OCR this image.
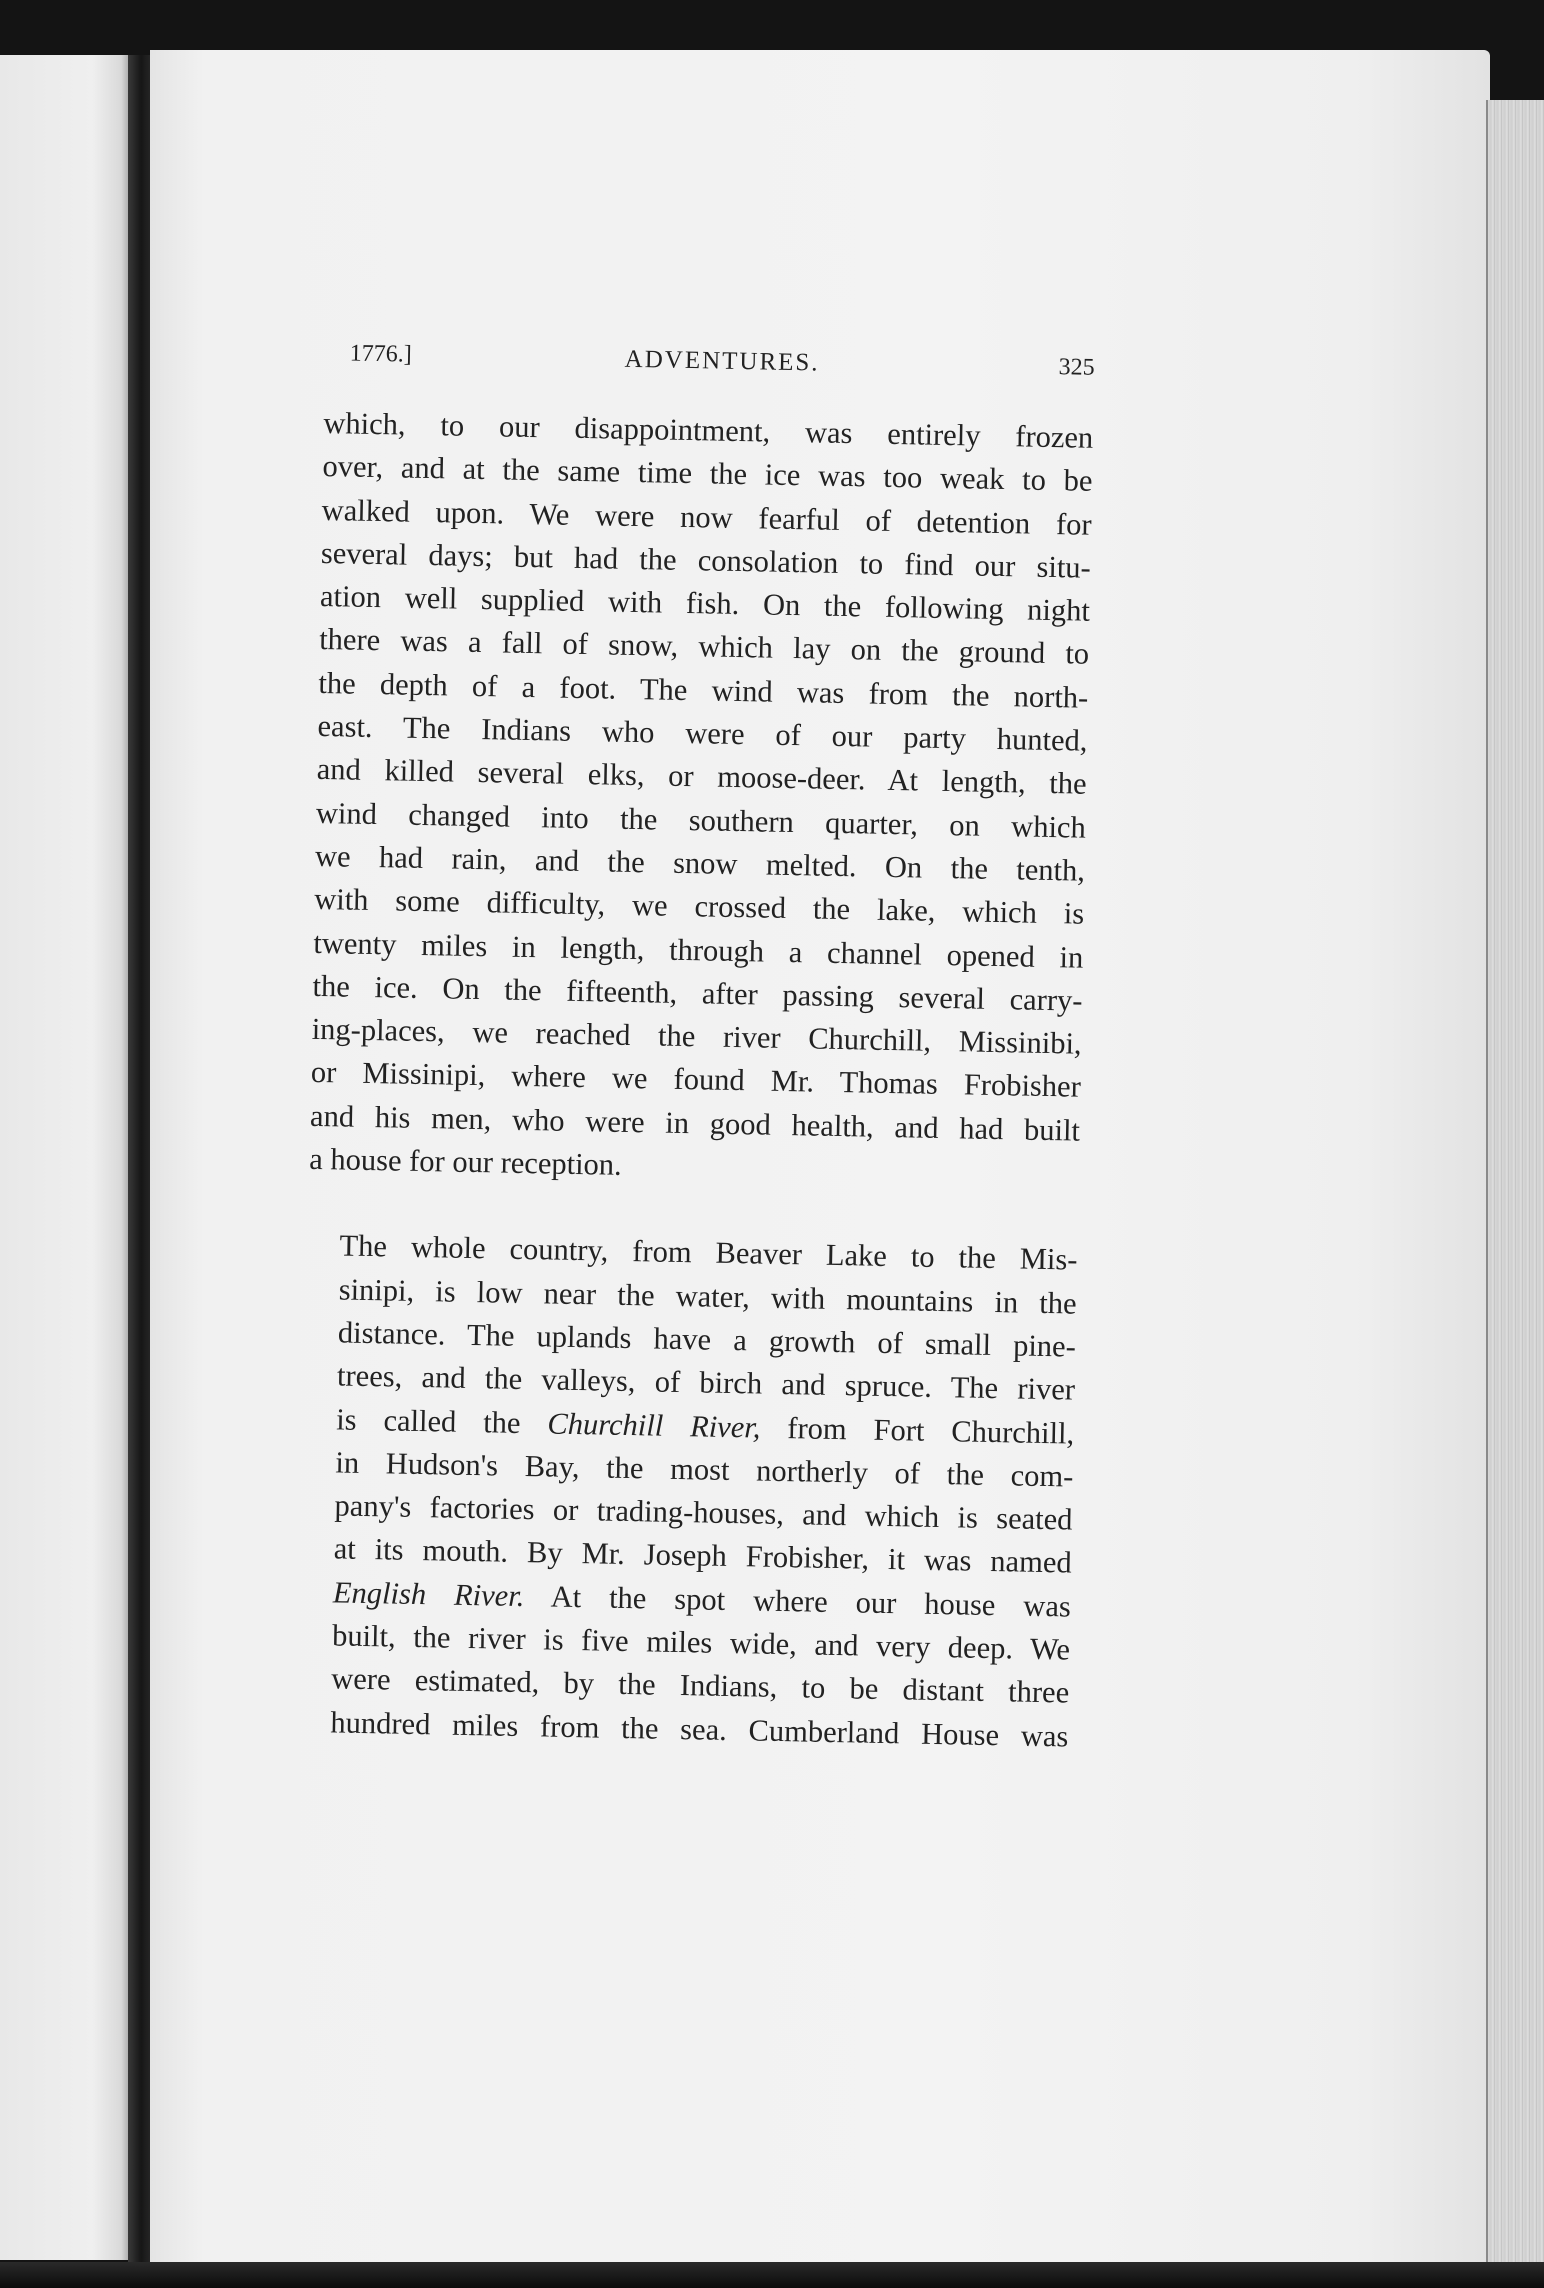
1776.]	ADVENTURES.	325

which, to our disappointment, was entirely frozen
over, and at the same time the ice was too weak to be
walked upon. We were now fearful of detention for
several days; but had the consolation to find our situ-
ation well supplied with fish. On the following night
there was a fall of snow, which lay on the ground to
the depth of a foot. The wind was from the north-
east. The Indians who were of our party hunted,
and killed several elks, or moose-deer. At length, the
wind changed into the southern quarter, on which
we had rain, and the snow melted. On the tenth,
with some difficulty, we crossed the lake, which is
twenty miles in length, through a channel opened in
the ice. On the fifteenth, after passing several carry-
ing-places, we reached the river Churchill, Missinibi,
or Missinipi, where we found Mr. Thomas Frobisher
and his men, who were in good health, and had built
a house for our reception.

The whole country, from Beaver Lake to the Mis-
sinipi, is low near the water, with mountains in the
distance. The uplands have a growth of small pine-
trees, and the valleys, of birch and spruce. The river
is called the Churchill River, from Fort Churchill,
in Hudson's Bay, the most northerly of the com-
pany's factories or trading-houses, and which is seated
at its mouth. By Mr. Joseph Frobisher, it was named
English River. At the spot where our house was
built, the river is five miles wide, and very deep. We
were estimated, by the Indians, to be distant three
hundred miles from the sea. Cumberland House was
